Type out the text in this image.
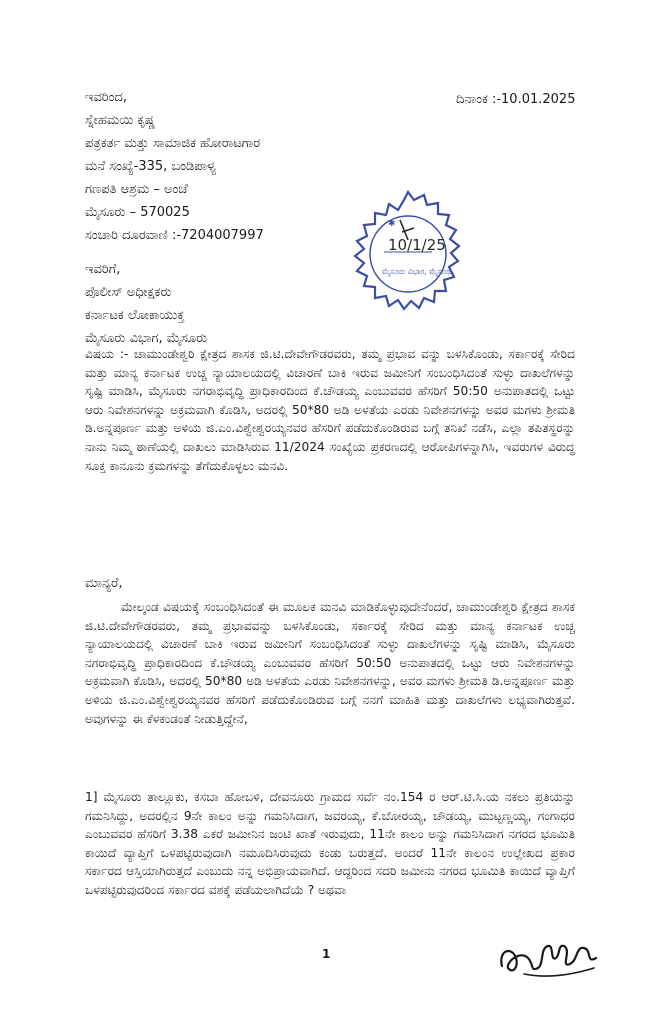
ದಿನಾಂಕ :-10.01.2025
ಇವರಿಂದ,
ಸ್ನೇಹಮಯಿ ಕೃಷ್ಣ
ಪತ್ರಕರ್ತ ಮತ್ತು ಸಾಮಾಜಿಕ ಹೋರಾಟಗಾರ
ಮನೆ ಸಂಖ್ಯೆ-335, ಬಂಡಿಪಾಳ್ಯ
ಗಣಪತಿ ಆಶ್ರಮ – ಅಂಚೆ
ಮೈಸೂರು – 570025
ಸಂಚಾರಿ ದೂರವಾಣಿ :-7204007997
✱
10/1/25
ಮೈಸೂರು ವಿಭಾಗ, ಮೈಸೂರು
ಇವರಿಗೆ,
ಪೊಲೀಸ್ ಅಧೀಕ್ಷಕರು
ಕರ್ನಾಟಕ ಲೋಕಾಯುಕ್ತ
ಮೈಸೂರು ವಿಭಾಗ, ಮೈಸೂರು
ವಿಷಯ :- ಚಾಮುಂಡೇಶ್ವರಿ ಕ್ಷೇತ್ರದ ಶಾಸಕ ಜಿ.ಟಿ.ದೇವೇಗೌಡರವರು, ತಮ್ಮ ಪ್ರಭಾವ ವನ್ನು ಬಳಸಿಕೊಂಡು, ಸರ್ಕಾರಕ್ಕೆ ಸೇರಿದ ಮತ್ತು ಮಾನ್ಯ ಕರ್ನಾಟಕ ಉಚ್ಚ ನ್ಯಾಯಾಲಯದಲ್ಲಿ ವಿಚಾರಣೆ ಬಾಕಿ ಇರುವ ಜಮೀನಿಗೆ ಸಂಬಂಧಿಸಿದಂತೆ ಸುಳ್ಳು ದಾಖಲೆಗಳನ್ನು ಸೃಷ್ಟಿ ಮಾಡಿಸಿ, ಮೈಸೂರು ನಗರಾಭಿವೃದ್ಧಿ ಪ್ರಾಧಿಕಾರದಿಂದ ಕೆ.ಚೌಡಯ್ಯ ಎಂಬುವವರ ಹೆಸರಿಗೆ 50:50 ಅನುಪಾತದಲ್ಲಿ ಒಟ್ಟು ಆರು ನಿವೇಶನಗಳನ್ನು ಅಕ್ರಮವಾಗಿ ಕೊಡಿಸಿ, ಅದರಲ್ಲಿ 50*80 ಅಡಿ ಅಳತೆಯ ಎರಡು ನಿವೇಶನಗಳನ್ನು ಅವರ ಮಗಳು ಶ್ರೀಮತಿ ಡಿ.ಅನ್ನಪೂರ್ಣ ಮತ್ತು ಅಳಿಯ ಜಿ.ಎಂ.ವಿಶ್ವೇಶ್ವರಯ್ಯನವರ ಹೆಸರಿಗೆ ಪಡೆದುಕೊಂಡಿರುವ ಬಗ್ಗೆ ತನಿಖೆ ನಡೆಸಿ, ಎಲ್ಲಾ ತಪಿತಸ್ಥರನ್ನು ನಾನು ನಿಮ್ಮ ಠಾಣೆಯಲ್ಲಿ ದಾಖಲು ಮಾಡಿಸಿರುವ 11/2024 ಸಂಖ್ಯೆಯ ಪ್ರಕರಣದಲ್ಲಿ ಆರೋಪಿಗಳನ್ನಾಗಿಸಿ, ಇವರುಗಳ ವಿರುದ್ಧ ಸೂಕ್ತ ಕಾನೂನು ಕ್ರಮಗಳನ್ನು ತೆಗೆದುಕೊಳ್ಳಲು ಮನವಿ.
ಮಾನ್ಯರೆ,
ಮೇಲ್ಕಂಡ ವಿಷಯಕ್ಕೆ ಸಂಬಂಧಿಸಿದಂತೆ ಈ ಮೂಲಕ ಮನವಿ ಮಾಡಿಕೊಳ್ಳುವುದೇನೆಂದರೆ, ಚಾಮುಂಡೇಶ್ವರಿ ಕ್ಷೇತ್ರದ ಶಾಸಕ ಜಿ.ಟಿ.ದೇವೇಗೌಡರವರು, ತಮ್ಮ ಪ್ರಭಾವವನ್ನು ಬಳಸಿಕೊಂಡು, ಸರ್ಕಾರಕ್ಕೆ ಸೇರಿದ ಮತ್ತು ಮಾನ್ಯ ಕರ್ನಾಟಕ ಉಚ್ಚ ನ್ಯಾಯಾಲಯದಲ್ಲಿ ವಿಚಾರಣೆ ಬಾಕಿ ಇರುವ ಜಮೀನಿಗೆ ಸಂಬಂಧಿಸಿದಂತೆ ಸುಳ್ಳು ದಾಖಲೆಗಳನ್ನು ಸೃಷ್ಟಿ ಮಾಡಿಸಿ, ಮೈಸೂರು ನಗರಾಭಿವೃದ್ಧಿ ಪ್ರಾಧಿಕಾರದಿಂದ ಕೆ.ಚೌಡಯ್ಯ ಎಂಬುವವರ ಹೆಸರಿಗೆ 50:50 ಅನುಪಾತದಲ್ಲಿ ಒಟ್ಟು ಆರು ನಿವೇಶನಗಳನ್ನು ಅಕ್ರಮವಾಗಿ ಕೊಡಿಸಿ, ಅದರಲ್ಲಿ 50*80 ಅಡಿ ಅಳತೆಯ ಎರಡು ನಿವೇಶನಗಳನ್ನು, ಅವರ ಮಗಳು ಶ್ರೀಮತಿ ಡಿ.ಅನ್ನಪೂರ್ಣ ಮತ್ತು ಅಳಿಯ ಜಿ.ಎಂ.ವಿಶ್ವೇಶ್ವರಯ್ಯನವರ ಹೆಸರಿಗೆ ಪಡೆದುಕೊಂಡಿರುವ ಬಗ್ಗೆ ನನಗೆ ಮಾಹಿತಿ ಮತ್ತು ದಾಖಲೆಗಳು ಲಭ್ಯವಾಗಿರುತ್ತವೆ. ಅವುಗಳನ್ನು ಈ ಕೆಳಕಂಡಂತೆ ನೀಡುತ್ತಿದ್ದೇನೆ,
1] ಮೈಸೂರು ತಾಲ್ಲೂಕು, ಕಸಬಾ ಹೋಬಳಿ, ದೇವನೂರು ಗ್ರಾಮದ ಸರ್ವೆ ನಂ.154 ರ ಆರ್.ಟಿ.ಸಿ.ಯ ನಕಲು ಪ್ರತಿಯನ್ನು ಗಮನಿಸಿದ್ದು, ಅದರಲ್ಲಿನ 9ನೇ ಕಾಲಂ ಅನ್ನು ಗಮನಿಸಿದಾಗ, ಜವರಯ್ಯ, ಕೆ.ಬೋರಯ್ಯ, ಚೌಡಯ್ಯ, ಮುಟ್ಟಣ್ಣಯ್ಯ, ಗಂಗಾಧರ ಎಂಬುವವರ ಹೆಸರಿಗೆ 3.38 ಎಕರೆ ಜಮೀನಿನ ಜಂಟಿ ಖಾತೆ ಇರುವುದು, 11ನೇ ಕಾಲಂ ಅನ್ನು ಗಮನಿಸಿದಾಗ ನಗರದ ಭೂಮಿತಿ ಕಾಯಿದೆ ವ್ಯಾಪ್ತಿಗೆ ಒಳಪಟ್ಟಿರುವುದಾಗಿ ನಮೂದಿಸಿರುವುದು ಕಂಡು ಬರುತ್ತದೆ. ಅಂದರೆ 11ನೇ ಕಾಲಂನ ಉಲ್ಲೇಖದ ಪ್ರಕಾರ ಸರ್ಕಾರದ ಆಸ್ತಿಯಾಗಿರುತ್ತದೆ ಎಂಬುದು ನನ್ನ ಅಭಿಪ್ರಾಯವಾಗಿದೆ. ಆದ್ದರಿಂದ ಸದರಿ ಜಮೀನು ನಗರದ ಭೂಮಿತಿ ಕಾಯಿದೆ ವ್ಯಾಪ್ತಿಗೆ ಒಳಪಟ್ಟಿರುವುದರಿಂದ ಸರ್ಕಾರದ ವಶಕ್ಕೆ ಪಡೆಯಲಾಗಿದೆಯೆ ? ಅಥವಾ
1
